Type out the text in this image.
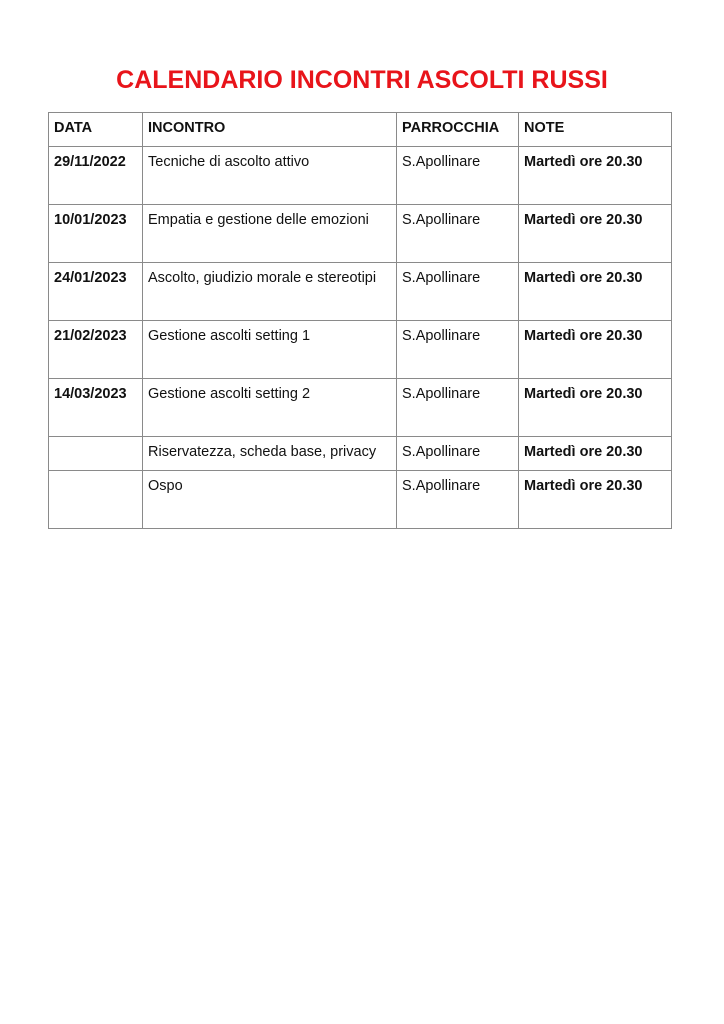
CALENDARIO INCONTRI ASCOLTI RUSSI
DATA	INCONTRO	PARROCCHIA	NOTE
29/11/2022	Tecniche di ascolto attivo	S.Apollinare	Martedì ore 20.30
10/01/2023	Empatia e gestione delle emozioni	S.Apollinare	Martedì ore 20.30
24/01/2023	Ascolto, giudizio morale e stereotipi	S.Apollinare	Martedì ore 20.30
21/02/2023	Gestione ascolti setting 1	S.Apollinare	Martedì ore 20.30
14/03/2023	Gestione ascolti setting 2	S.Apollinare	Martedì ore 20.30
	Riservatezza, scheda base, privacy	S.Apollinare	Martedì ore 20.30
	Ospo	S.Apollinare	Martedì ore 20.30
